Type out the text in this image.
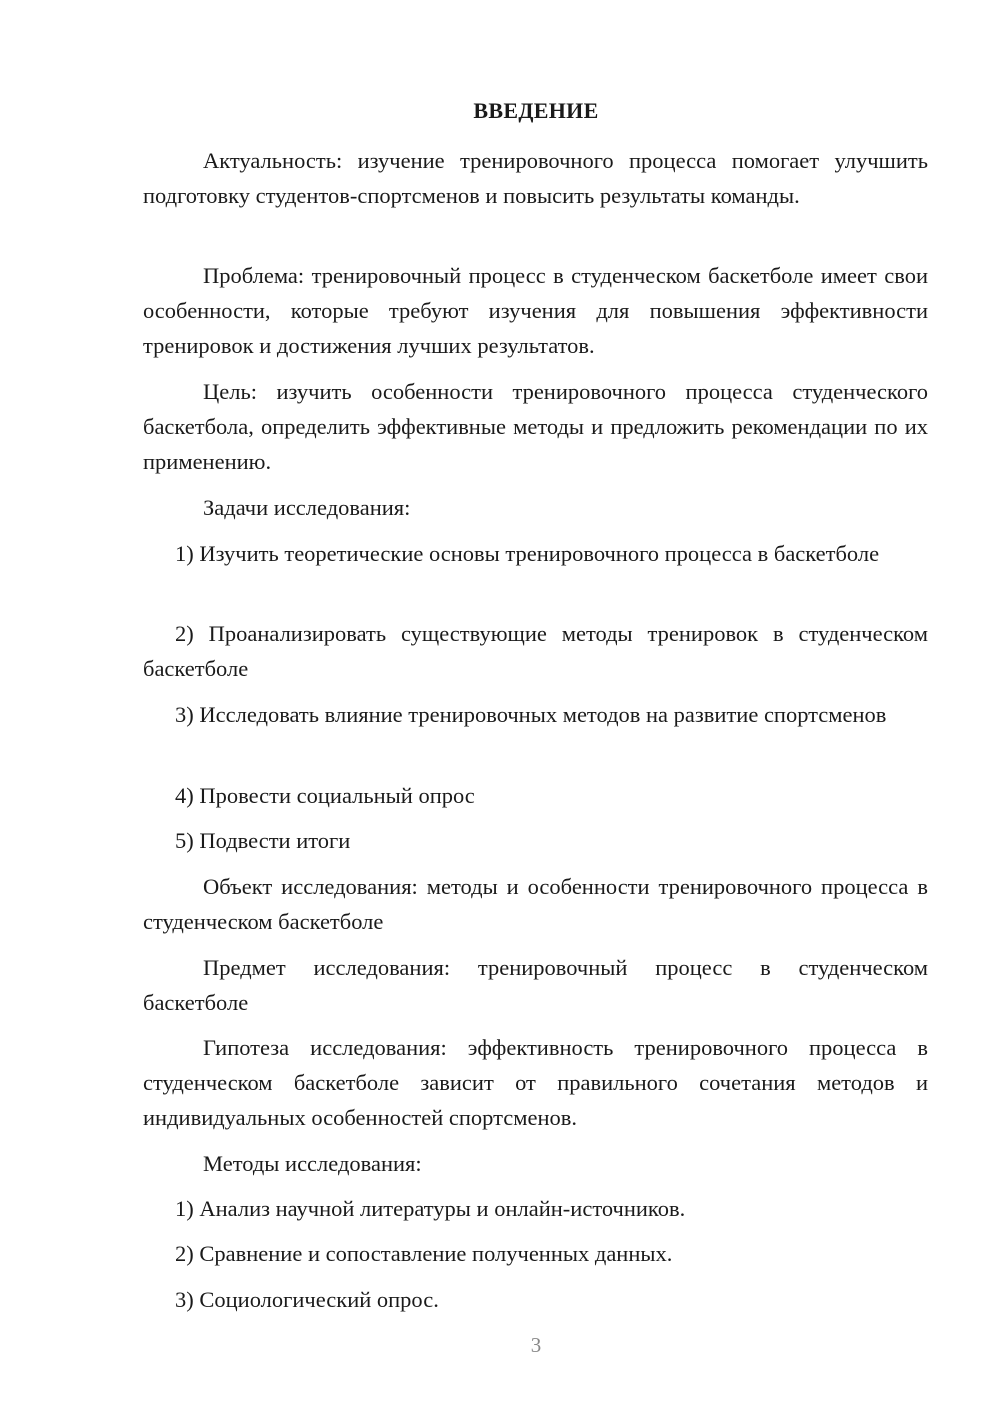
ВВЕДЕНИЕ

Актуальность: изучение тренировочного процесса помогает улучшить подготовку студентов-спортсменов и повысить результаты команды.

Проблема: тренировочный процесс в студенческом баскетболе имеет свои особенности, которые требуют изучения для повышения эффективности тренировок и достижения лучших результатов.

Цель: изучить особенности тренировочного процесса студенческого баскетбола, определить эффективные методы и предложить рекомендации по их применению.

Задачи исследования:

1) Изучить теоретические основы тренировочного процесса в баскетболе

2) Проанализировать существующие методы тренировок в студенческом баскетболе

3) Исследовать влияние тренировочных методов на развитие спортсменов

4) Провести социальный опрос

5) Подвести итоги

Объект исследования: методы и особенности тренировочного процесса в студенческом баскетболе

Предмет исследования: тренировочный процесс в студенческом баскетболе

Гипотеза исследования: эффективность тренировочного процесса в студенческом баскетболе зависит от правильного сочетания методов и индивидуальных особенностей спортсменов.

Методы исследования:

1) Анализ научной литературы и онлайн-источников.

2) Сравнение и сопоставление полученных данных.

3) Социологический опрос.

3
